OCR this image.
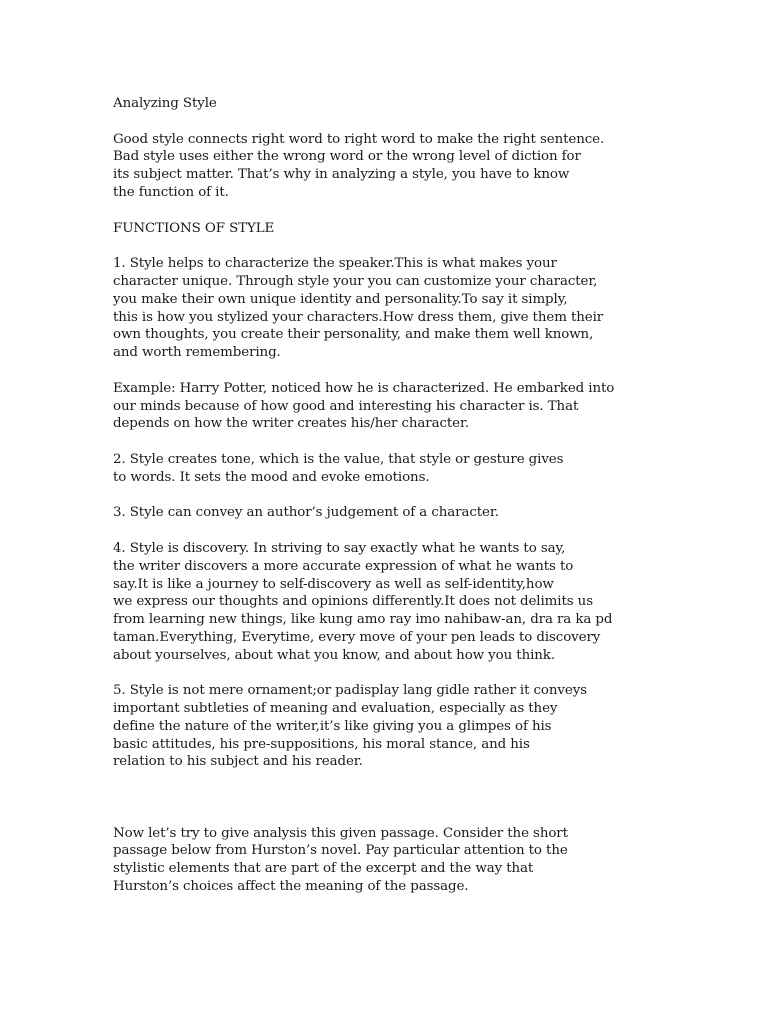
Analyzing Style
Good style connects right word to right word to make the right sentence.
Bad style uses either the wrong word or the wrong level of diction for
its subject matter. That’s why in analyzing a style, you have to know
the function of it.
FUNCTIONS OF STYLE
1. Style helps to characterize the speaker.This is what makes your
character unique. Through style your you can customize your character,
you make their own unique identity and personality.To say it simply,
this is how you stylized your characters.How dress them, give them their
own thoughts, you create their personality, and make them well known,
and worth remembering.
Example: Harry Potter, noticed how he is characterized. He embarked into
our minds because of how good and interesting his character is. That
depends on how the writer creates his/her character.
2. Style creates tone, which is the value, that style or gesture gives
to words. It sets the mood and evoke emotions.
3. Style can convey an author’s judgement of a character.
4. Style is discovery. In striving to say exactly what he wants to say,
the writer discovers a more accurate expression of what he wants to
say.It is like a journey to self-discovery as well as self-identity,how
we express our thoughts and opinions differently.It does not delimits us
from learning new things, like kung amo ray imo nahibaw-an, dra ra ka pd
taman.Everything, Everytime, every move of your pen leads to discovery
about yourselves, about what you know, and about how you think.
5. Style is not mere ornament;or padisplay lang gidle rather it conveys
important subtleties of meaning and evaluation, especially as they
define the nature of the writer,it’s like giving you a glimpes of his
basic attitudes, his pre-suppositions, his moral stance, and his
relation to his subject and his reader.
Now let’s try to give analysis this given passage. Consider the short
passage below from Hurston’s novel. Pay particular attention to the
stylistic elements that are part of the excerpt and the way that
Hurston’s choices affect the meaning of the passage.
